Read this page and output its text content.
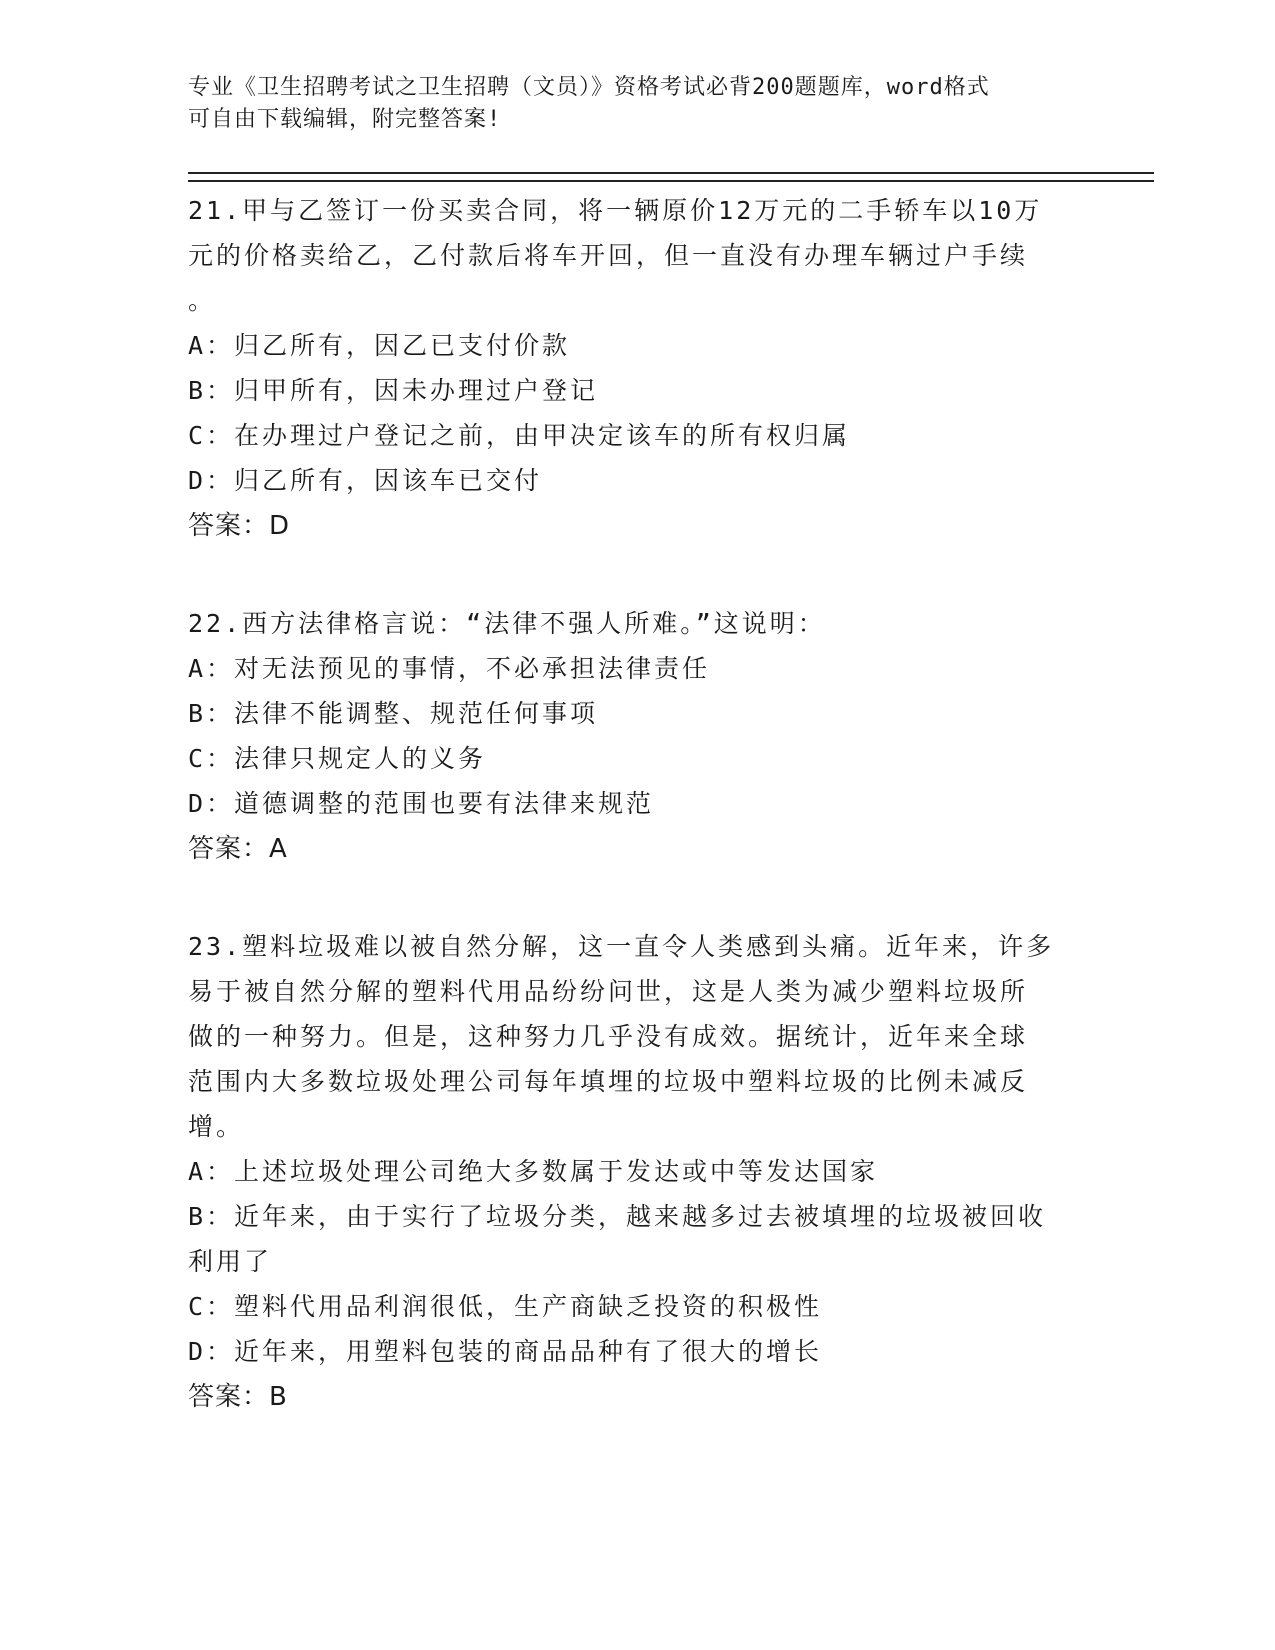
专业《卫生招聘考试之卫生招聘（文员）》资格考试必背200题题库，word格式
可自由下载编辑，附完整答案!

21.甲与乙签订一份买卖合同，将一辆原价12万元的二手轿车以10万

元的价格卖给乙，乙付款后将车开回，但一直没有办理车辆过户手续

。

A：归乙所有，因乙已支付价款

B：归甲所有，因未办理过户登记

C：在办理过户登记之前，由甲决定该车的所有权归属

D：归乙所有，因该车已交付

答案：D

22.西方法律格言说：“法律不强人所难。”这说明：

A：对无法预见的事情，不必承担法律责任

B：法律不能调整、规范任何事项

C：法律只规定人的义务

D：道德调整的范围也要有法律来规范

答案：A

23.塑料垃圾难以被自然分解，这一直令人类感到头痛。近年来，许多

易于被自然分解的塑料代用品纷纷问世，这是人类为减少塑料垃圾所

做的一种努力。但是，这种努力几乎没有成效。据统计，近年来全球

范围内大多数垃圾处理公司每年填埋的垃圾中塑料垃圾的比例未减反

增。

A：上述垃圾处理公司绝大多数属于发达或中等发达国家

B：近年来，由于实行了垃圾分类，越来越多过去被填埋的垃圾被回收

利用了

C：塑料代用品利润很低，生产商缺乏投资的积极性

D：近年来，用塑料包装的商品品种有了很大的增长

答案：B
